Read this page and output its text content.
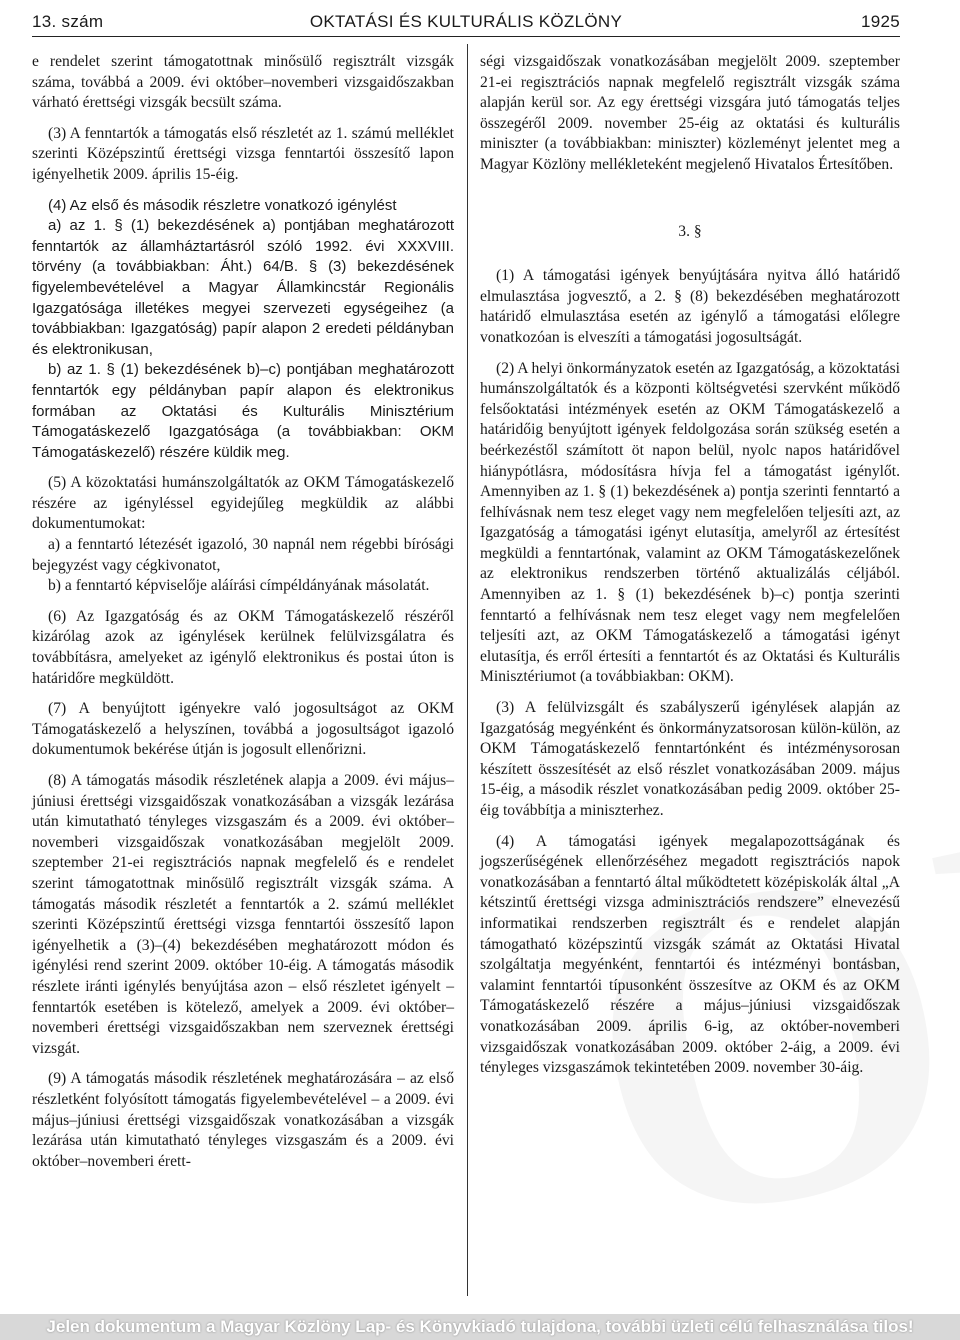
13. szám	OKTATÁSI ÉS KULTURÁLIS KÖZLÖNY	1925

e rendelet szerint támogatottnak minősülő regisztrált vizsgák száma, továbbá a 2009. évi október–novemberi vizsgaidőszakban várható érettségi vizsgák becsült száma.

(3) A fenntartók a támogatás első részletét az 1. számú melléklet szerinti Középszintű érettségi vizsga fenntartói összesítő lapon igényelhetik 2009. április 15-éig.

(4) Az első és második részletre vonatkozó igénylést

a) az 1. § (1) bekezdésének a) pontjában meghatározott fenntartók az államháztartásról szóló 1992. évi XXXVIII. törvény (a továbbiakban: Áht.) 64/B. § (3) bekezdésének figyelembevételével a Magyar Államkincstár Regionális Igazgatósága illetékes megyei szervezeti egységeihez (a továbbiakban: Igazgatóság) papír alapon 2 eredeti példányban és elektronikusan,

b) az 1. § (1) bekezdésének b)–c) pontjában meghatározott fenntartók egy példányban papír alapon és elektronikus formában az Oktatási és Kulturális Minisztérium Támogatáskezelő Igazgatósága (a továbbiakban: OKM Támogatáskezelő) részére küldik meg.

(5) A közoktatási humánszolgáltatók az OKM Támogatáskezelő részére az igényléssel egyidejűleg megküldik az alábbi dokumentumokat:

a) a fenntartó létezését igazoló, 30 napnál nem régebbi bírósági bejegyzést vagy cégkivonatot,

b) a fenntartó képviselője aláírási címpéldányának másolatát.

(6) Az Igazgatóság és az OKM Támogatáskezelő részéről kizárólag azok az igénylések kerülnek felülvizsgálatra és továbbításra, amelyeket az igénylő elektronikus és postai úton is határidőre megküldött.

(7) A benyújtott igényekre való jogosultságot az OKM Támogatáskezelő a helyszínen, továbbá a jogosultságot igazoló dokumentumok bekérése útján is jogosult ellenőrizni.

(8) A támogatás második részletének alapja a 2009. évi május–júniusi érettségi vizsgaidőszak vonatkozásában a vizsgák lezárása után kimutatható tényleges vizsgaszám és a 2009. évi október–novemberi vizsgaidőszak vonatkozásában megjelölt 2009. szeptember 21-ei regisztrációs napnak megfelelő és e rendelet szerint támogatottnak minősülő regisztrált vizsgák száma. A támogatás második részletét a fenntartók a 2. számú melléklet szerinti Középszintű érettségi vizsga fenntartói összesítő lapon igényelhetik a (3)–(4) bekezdésében meghatározott módon és igénylési rend szerint 2009. október 10-éig. A támogatás második részlete iránti igénylés benyújtása azon – első részletet igényelt – fenntartók esetében is kötelező, amelyek a 2009. évi október–novemberi érettségi vizsgaidőszakban nem szerveznek érettségi vizsgát.

(9) A támogatás második részletének meghatározására – az első részletként folyósított támogatás figyelembevételével – a 2009. évi május–júniusi érettségi vizsgaidőszak vonatkozásában a vizsgák lezárása után kimutatható tényleges vizsgaszám és a 2009. évi október–novemberi érett-

ségi vizsgaidőszak vonatkozásában megjelölt 2009. szeptember 21-ei regisztrációs napnak megfelelő regisztrált vizsgák száma alapján kerül sor. Az egy érettségi vizsgára jutó támogatás teljes összegéről 2009. november 25-éig az oktatási és kulturális miniszter (a továbbiakban: miniszter) közleményt jelentet meg a Magyar Közlöny mellékleteként megjelenő Hivatalos Értesítőben.

3. §

(1) A támogatási igények benyújtására nyitva álló határidő elmulasztása jogvesztő, a 2. § (8) bekezdésében meghatározott határidő elmulasztása esetén az igénylő a támogatási előlegre vonatkozóan is elveszíti a támogatási jogosultságát.

(2) A helyi önkormányzatok esetén az Igazgatóság, a közoktatási humánszolgáltatók és a központi költségvetési szervként működő felsőoktatási intézmények esetén az OKM Támogatáskezelő a határidőig benyújtott igények feldolgozása során szükség esetén a beérkezéstől számított öt napon belül, nyolc napos határidővel hiánypótlásra, módosításra hívja fel a támogatást igénylőt. Amennyiben az 1. § (1) bekezdésének a) pontja szerinti fenntartó a felhívásnak nem tesz eleget vagy nem megfelelően teljesíti azt, az Igazgatóság a támogatási igényt elutasítja, amelyről az értesítést megküldi a fenntartónak, valamint az OKM Támogatáskezelőnek az elektronikus rendszerben történő aktualizálás céljából. Amennyiben az 1. § (1) bekezdésének b)–c) pontja szerinti fenntartó a felhívásnak nem tesz eleget vagy nem megfelelően teljesíti azt, az OKM Támogatáskezelő a támogatási igényt elutasítja, és erről értesíti a fenntartót és az Oktatási és Kulturális Minisztériumot (a továbbiakban: OKM).

(3) A felülvizsgált és szabályszerű igénylések alapján az Igazgatóság megyénként és önkormányzatsorosan külön-külön, az OKM Támogatáskezelő fenntartónként és intézménysorosan készített összesítését az első részlet vonatkozásában 2009. május 15-éig, a második részlet vonatkozásában pedig 2009. október 25-éig továbbítja a miniszterhez.

(4) A támogatási igények megalapozottságának és jogszerűségének ellenőrzéséhez megadott regisztrációs napok vonatkozásában a fenntartó által működtetett középiskolák által „A kétszintű érettségi vizsga adminisztrációs rendszere” elnevezésű informatikai rendszerben regisztrált és e rendelet alapján támogatható középszintű vizsgák számát az Oktatási Hivatal szolgáltatja megyénként, fenntartói és intézményi bontásban, valamint fenntartói típusonként összesítve az OKM és az OKM Támogatáskezelő részére a május–júniusi vizsgaidőszak vonatkozásában 2009. április 6-ig, az október-novemberi vizsgaidőszak vonatkozásában 2009. október 2-áig, a 2009. évi tényleges vizsgaszámok tekintetében 2009. november 30-áig.

Jelen dokumentum a Magyar Közlöny Lap- és Könyvkiadó tulajdona, további üzleti célú felhasználása tilos!
